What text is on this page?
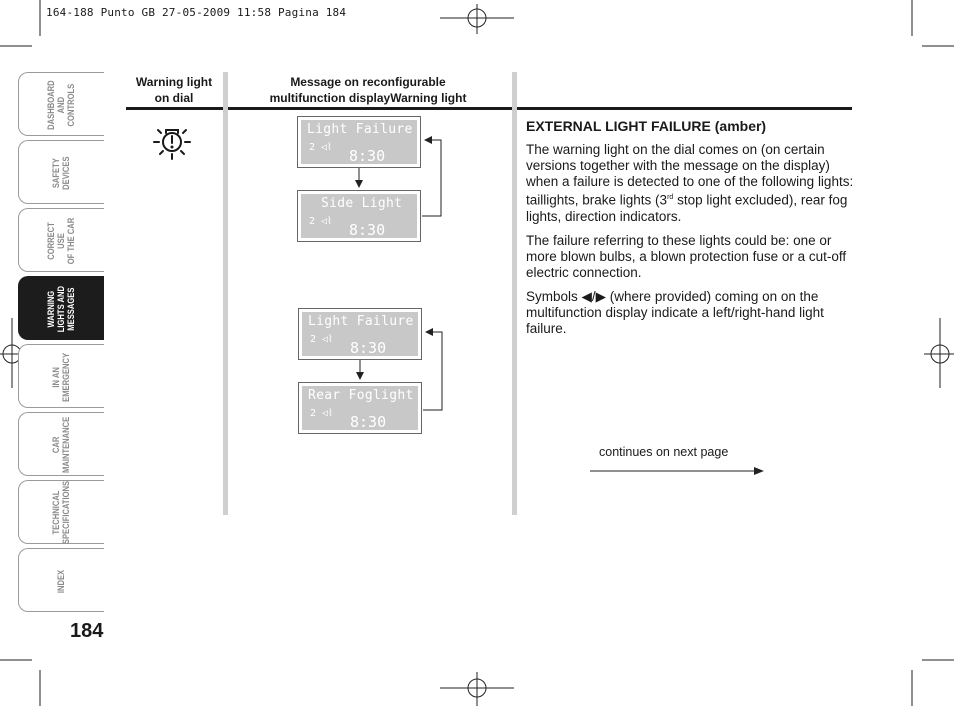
164-188 Punto GB 27-05-2009 11:58 Pagina 184
DASHBOARD
AND
CONTROLS
SAFETY
DEVICES
CORRECT USE
OF THE CAR
WARNING
LIGHTS AND
MESSAGES
IN AN
EMERGENCY
CAR
MAINTENANCE
TECHNICAL
SPECIFICATIONS
INDEX
184
Warning light
on dial
Message on reconfigurable
multifunction displayWarning light
Light Failure
2 ◁⌇ 8:30
Side Light
2 ◁⌇ 8:30
Light Failure
2 ◁⌇ 8:30
Rear Foglight
2 ◁⌇ 8:30
EXTERNAL LIGHT FAILURE (amber)

The warning light on the dial comes on (on certain versions together with the message on the display) when a failure is detected to one of the following lights: taillights, brake lights (3rd stop light excluded), rear fog lights, direction indicators.

The failure referring to these lights could be: one or more blown bulbs, a blown protection fuse or a cut-off electric connection.

Symbols ◀/▶ (where provided) coming on on the multifunction display indicate a left/right-hand light failure.

continues on next page
